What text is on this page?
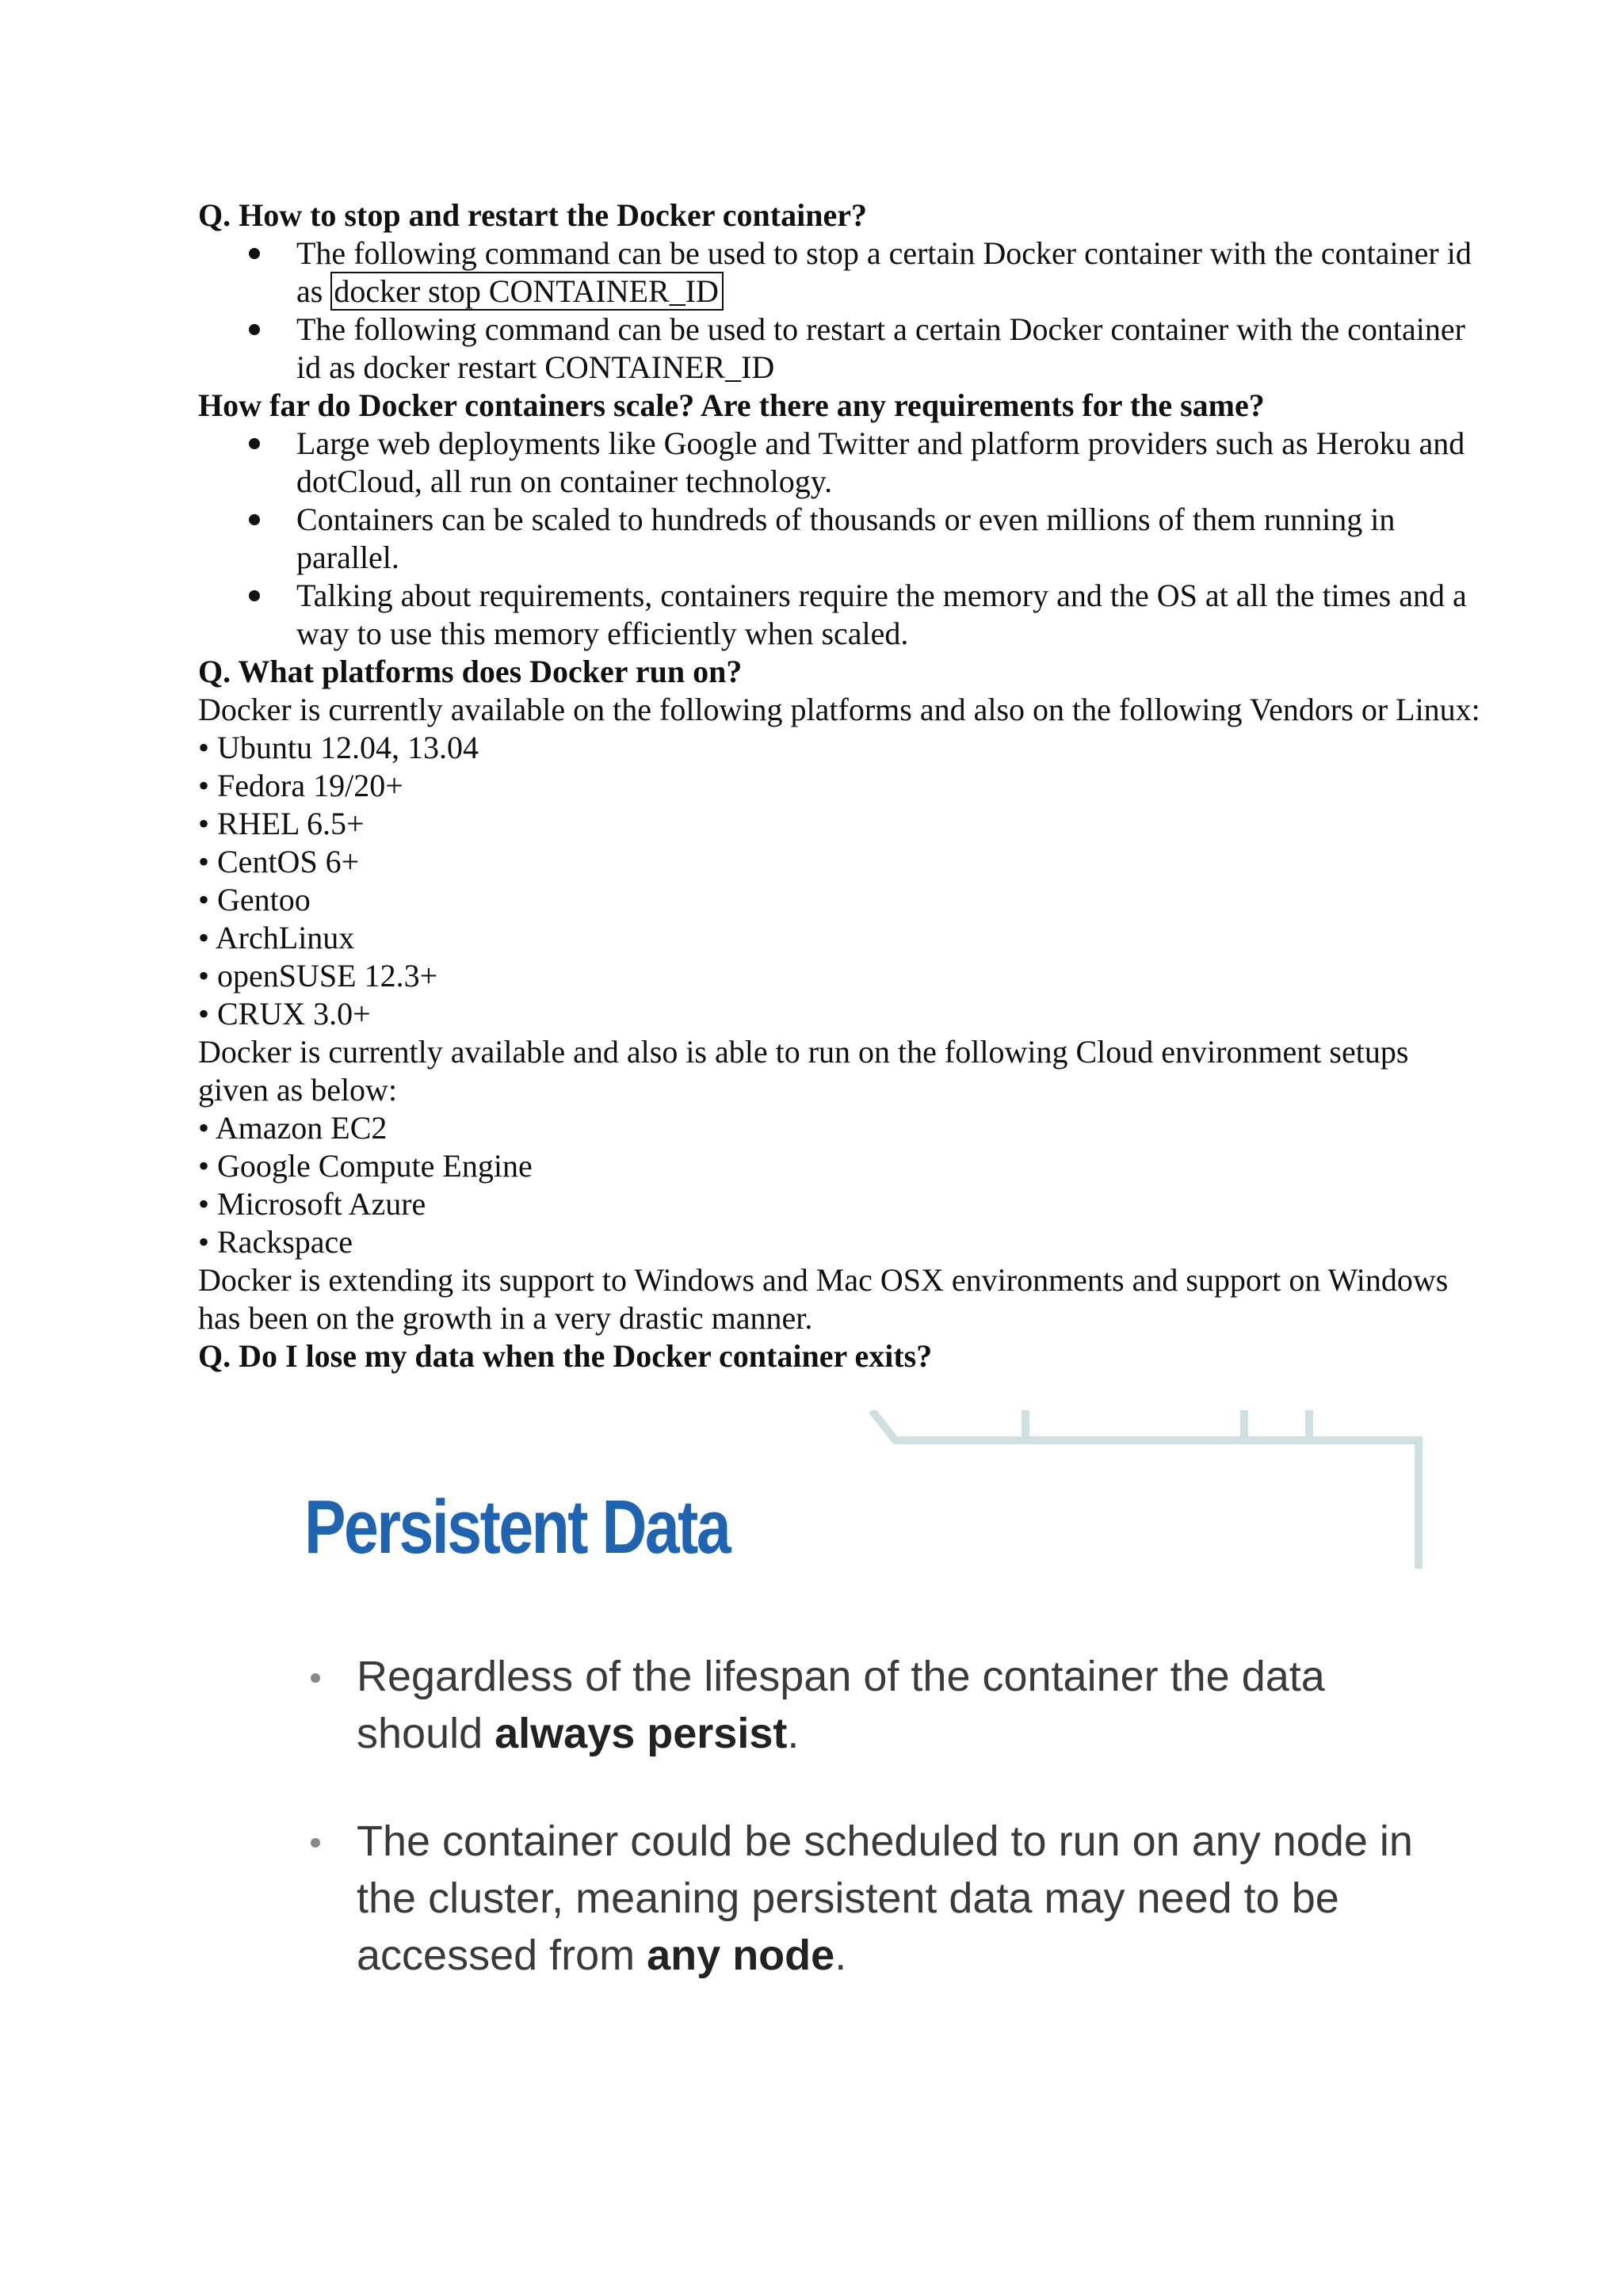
Q. How to stop and restart the Docker container?

The following command can be used to stop a certain Docker container with the container id as docker stop CONTAINER_ID
The following command can be used to restart a certain Docker container with the container id as docker restart CONTAINER_ID

How far do Docker containers scale? Are there any requirements for the same?

Large web deployments like Google and Twitter and platform providers such as Heroku and dotCloud, all run on container technology.
Containers can be scaled to hundreds of thousands or even millions of them running in parallel.
Talking about requirements, containers require the memory and the OS at all the times and a way to use this memory efficiently when scaled.

Q. What platforms does Docker run on?

Docker is currently available on the following platforms and also on the following Vendors or Linux:

• Ubuntu 12.04, 13.04
• Fedora 19/20+
• RHEL 6.5+
• CentOS 6+
• Gentoo
• ArchLinux
• openSUSE 12.3+
• CRUX 3.0+

Docker is currently available and also is able to run on the following Cloud environment setups given as below:

• Amazon EC2
• Google Compute Engine
• Microsoft Azure
• Rackspace

Docker is extending its support to Windows and Mac OSX environments and support on Windows has been on the growth in a very drastic manner.

Q. Do I lose my data when the Docker container exits?

Persistent Data
Regardless of the lifespan of the container the data should always persist.
The container could be scheduled to run on any node in the cluster, meaning persistent data may need to be accessed from any node.
